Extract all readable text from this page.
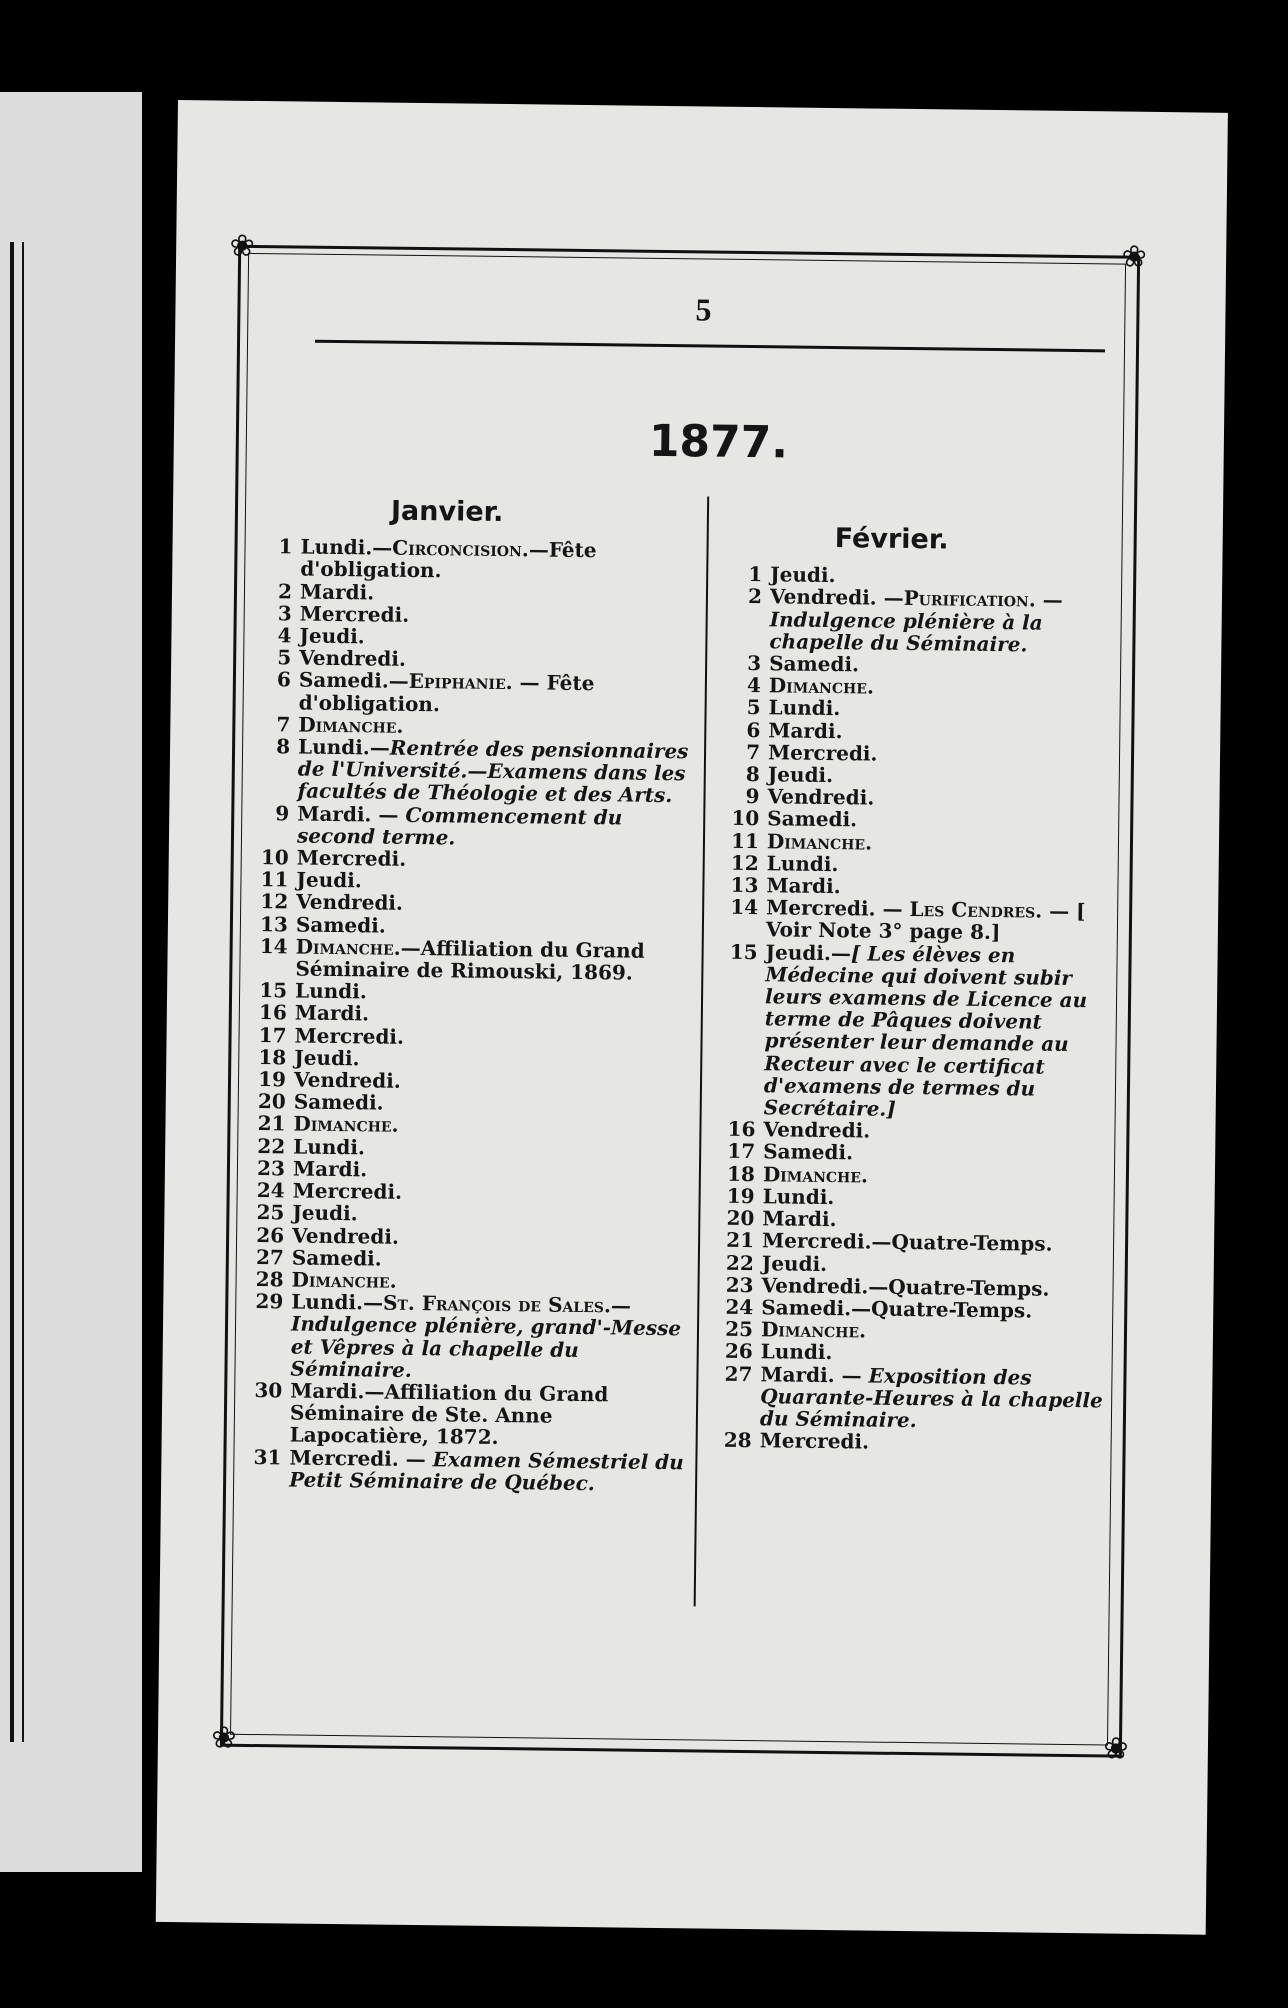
❀	❀
❀	❀
5
1877.
Janvier.
1 Lundi.—Circoncision.—Fête d'obligation.
2 Mardi.
3 Mercredi.
4 Jeudi.
5 Vendredi.
6 Samedi.—Epiphanie. — Fête d'obligation.
7 Dimanche.
8 Lundi.—Rentrée des pensionnaires de l'Université.—Examens dans les facultés de Théologie et des Arts.
9 Mardi. — Commencement du second terme.
10 Mercredi.
11 Jeudi.
12 Vendredi.
13 Samedi.
14 Dimanche.—Affiliation du Grand Séminaire de Rimouski, 1869.
15 Lundi.
16 Mardi.
17 Mercredi.
18 Jeudi.
19 Vendredi.
20 Samedi.
21 Dimanche.
22 Lundi.
23 Mardi.
24 Mercredi.
25 Jeudi.
26 Vendredi.
27 Samedi.
28 Dimanche.
29 Lundi.—St. François de Sales.— Indulgence plénière, grand'-Messe et Vêpres à la chapelle du Séminaire.
30 Mardi.—Affiliation du Grand Séminaire de Ste. Anne Lapocatière, 1872.
31 Mercredi. — Examen Sémestriel du Petit Séminaire de Québec.
Février.
1 Jeudi.
2 Vendredi. —Purification. — Indulgence plénière à la chapelle du Séminaire.
3 Samedi.
4 Dimanche.
5 Lundi.
6 Mardi.
7 Mercredi.
8 Jeudi.
9 Vendredi.
10 Samedi.
11 Dimanche.
12 Lundi.
13 Mardi.
14 Mercredi. — Les Cendres. — [ Voir Note 3° page 8.]
15 Jeudi.—[ Les élèves en Médecine qui doivent subir leurs examens de Licence au terme de Pâques doivent présenter leur demande au Recteur avec le certificat d'examens de termes du Secrétaire.]
16 Vendredi.
17 Samedi.
18 Dimanche.
19 Lundi.
20 Mardi.
21 Mercredi.—Quatre-Temps.
22 Jeudi.
23 Vendredi.—Quatre-Temps.
24 Samedi.—Quatre-Temps.
25 Dimanche.
26 Lundi.
27 Mardi. — Exposition des Quarante-Heures à la chapelle du Séminaire.
28 Mercredi.
